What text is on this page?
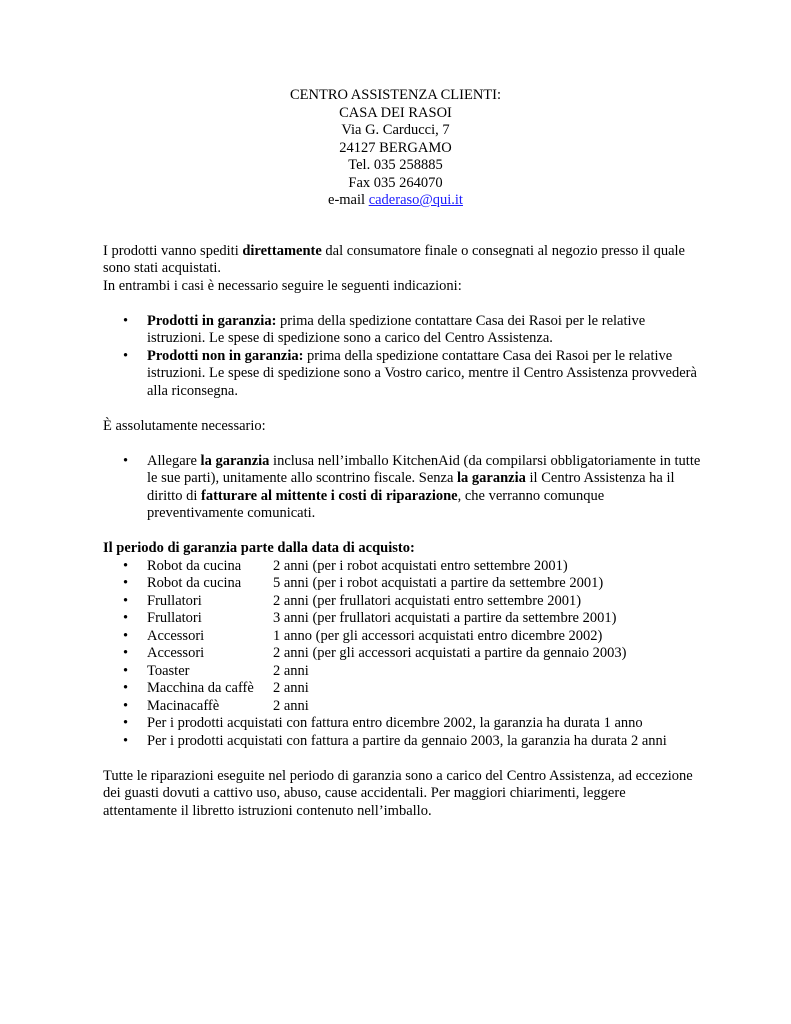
CENTRO ASSISTENZA CLIENTI:
CASA DEI RASOI
Via G. Carducci, 7
24127 BERGAMO
Tel. 035 258885
Fax 035 264070
e-mail caderaso@qui.it

I prodotti vanno spediti direttamente dal consumatore finale o consegnati al negozio presso il quale sono stati acquistati.

In entrambi i casi è necessario seguire le seguenti indicazioni:

• Prodotti in garanzia: prima della spedizione contattare Casa dei Rasoi per le relative istruzioni. Le spese di spedizione sono a carico del Centro Assistenza.
• Prodotti non in garanzia: prima della spedizione contattare Casa dei Rasoi per le relative istruzioni. Le spese di spedizione sono a Vostro carico, mentre il Centro Assistenza provvederà alla riconsegna.

È assolutamente necessario:

• Allegare la garanzia inclusa nell’imballo KitchenAid (da compilarsi obbligatoriamente in tutte le sue parti), unitamente allo scontrino fiscale. Senza la garanzia il Centro Assistenza ha il diritto di fatturare al mittente i costi di riparazione, che verranno comunque preventivamente comunicati.

Il periodo di garanzia parte dalla data di acquisto:

• Robot da cucina 2 anni (per i robot acquistati entro settembre 2001)
• Robot da cucina 5 anni (per i robot acquistati a partire da settembre 2001)
• Frullatori	2 anni (per frullatori acquistati entro settembre 2001)
• Frullatori	3 anni (per frullatori acquistati a partire da settembre 2001)
• Accessori	1 anno (per gli accessori acquistati entro dicembre 2002)
• Accessori	2 anni (per gli accessori acquistati a partire da gennaio 2003)
• Toaster	2 anni
• Macchina da caffè 2 anni
• Macinacaffè	2 anni
• Per i prodotti acquistati con fattura entro dicembre 2002, la garanzia ha durata 1 anno
• Per i prodotti acquistati con fattura a partire da gennaio 2003, la garanzia ha durata 2 anni

Tutte le riparazioni eseguite nel periodo di garanzia sono a carico del Centro Assistenza, ad eccezione dei guasti dovuti a cattivo uso, abuso, cause accidentali. Per maggiori chiarimenti, leggere attentamente il libretto istruzioni contenuto nell’imballo.
